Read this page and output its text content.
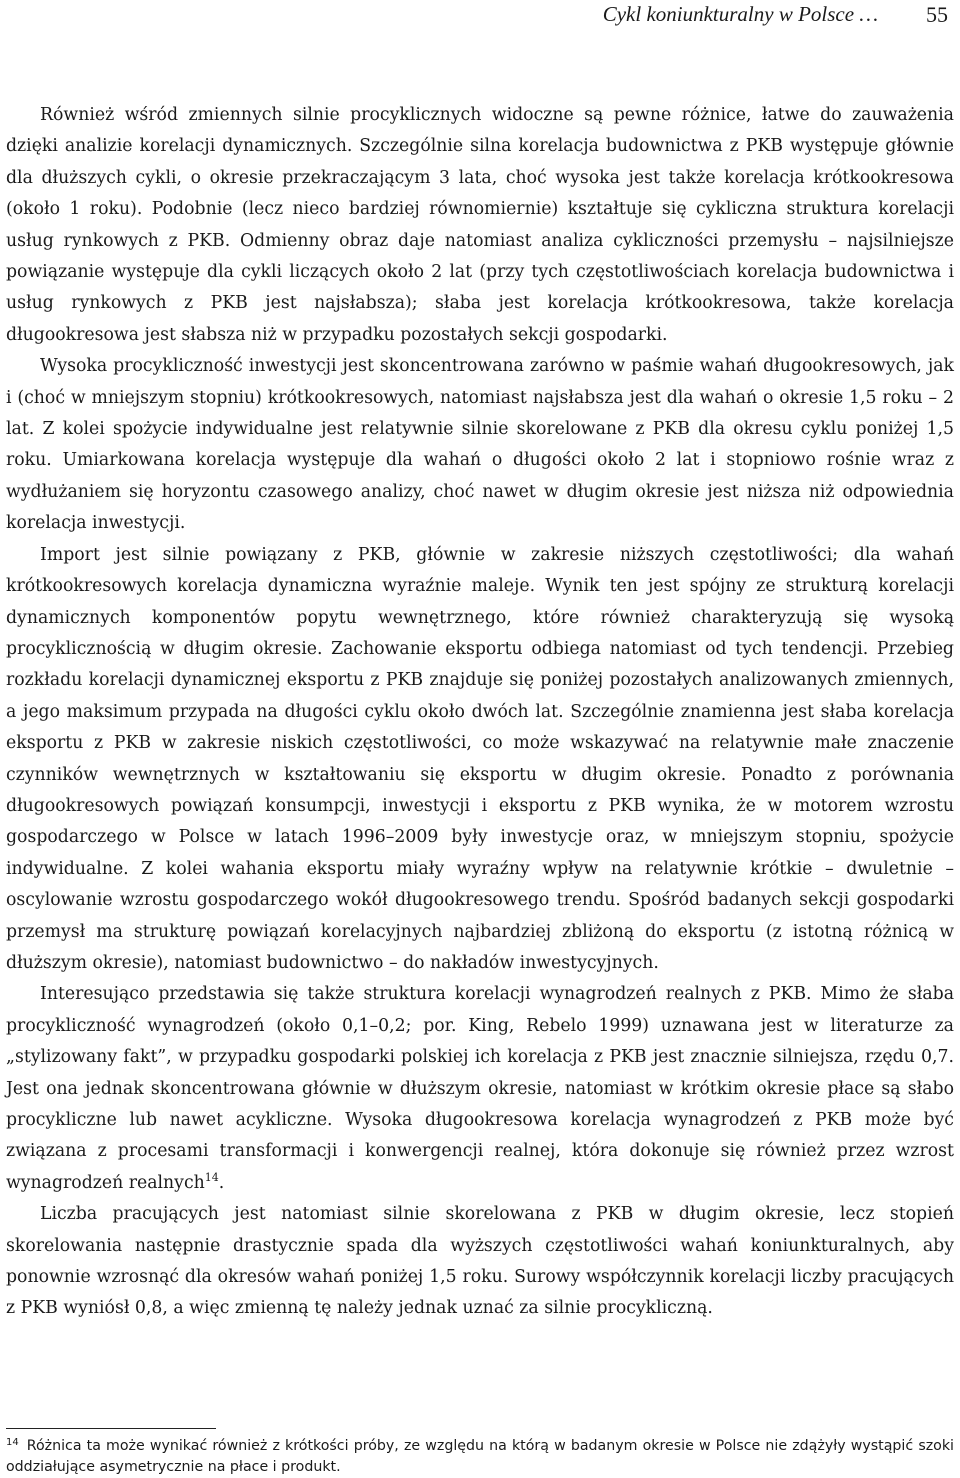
Cykl koniunkturalny w Polsce … 55

Również wśród zmiennych silnie procyklicznych widoczne są pewne różnice, łatwe do zauważenia dzięki analizie korelacji dynamicznych. Szczególnie silna korelacja budownictwa z PKB występuje głównie dla dłuższych cykli, o okresie przekraczającym 3 lata, choć wysoka jest także korelacja krótkookresowa (około 1 roku). Podobnie (lecz nieco bardziej równomiernie) kształtuje się cykliczna struktura korelacji usług rynkowych z PKB. Odmienny obraz daje natomiast analiza cykliczności przemysłu – najsilniejsze powiązanie występuje dla cykli liczących około 2 lat (przy tych częstotliwościach korelacja budownictwa i usług rynkowych z PKB jest najsłabsza); słaba jest korelacja krótkookresowa, także korelacja długookresowa jest słabsza niż w przypadku pozostałych sekcji gospodarki.

Wysoka procykliczność inwestycji jest skoncentrowana zarówno w paśmie wahań długookresowych, jak i (choć w mniejszym stopniu) krótkookresowych, natomiast najsłabsza jest dla wahań o okresie 1,5 roku – 2 lat. Z kolei spożycie indywidualne jest relatywnie silnie skorelowane z PKB dla okresu cyklu poniżej 1,5 roku. Umiarkowana korelacja występuje dla wahań o długości około 2 lat i stopniowo rośnie wraz z wydłużaniem się horyzontu czasowego analizy, choć nawet w długim okresie jest niższa niż odpowiednia korelacja inwestycji.

Import jest silnie powiązany z PKB, głównie w zakresie niższych częstotliwości; dla wahań krótkookresowych korelacja dynamiczna wyraźnie maleje. Wynik ten jest spójny ze strukturą korelacji dynamicznych komponentów popytu wewnętrznego, które również charakteryzują się wysoką procyklicznością w długim okresie. Zachowanie eksportu odbiega natomiast od tych tendencji. Przebieg rozkładu korelacji dynamicznej eksportu z PKB znajduje się poniżej pozostałych analizowanych zmiennych, a jego maksimum przypada na długości cyklu około dwóch lat. Szczególnie znamienna jest słaba korelacja eksportu z PKB w zakresie niskich częstotliwości, co może wskazywać na relatywnie małe znaczenie czynników wewnętrznych w kształtowaniu się eksportu w długim okresie. Ponadto z porównania długookresowych powiązań konsumpcji, inwestycji i eksportu z PKB wynika, że w motorem wzrostu gospodarczego w Polsce w latach 1996–2009 były inwestycje oraz, w mniejszym stopniu, spożycie indywidualne. Z kolei wahania eksportu miały wyraźny wpływ na relatywnie krótkie – dwuletnie – oscylowanie wzrostu gospodarczego wokół długookresowego trendu. Spośród badanych sekcji gospodarki przemysł ma strukturę powiązań korelacyjnych najbardziej zbliżoną do eksportu (z istotną różnicą w dłuższym okresie), natomiast budownictwo – do nakładów inwestycyjnych.

Interesująco przedstawia się także struktura korelacji wynagrodzeń realnych z PKB. Mimo że słaba procykliczność wynagrodzeń (około 0,1–0,2; por. King, Rebelo 1999) uznawana jest w literaturze za „stylizowany fakt”, w przypadku gospodarki polskiej ich korelacja z PKB jest znacznie silniejsza, rzędu 0,7. Jest ona jednak skoncentrowana głównie w dłuższym okresie, natomiast w krótkim okresie płace są słabo procykliczne lub nawet acykliczne. Wysoka długookresowa korelacja wynagrodzeń z PKB może być związana z procesami transformacji i konwergencji realnej, która dokonuje się również przez wzrost wynagrodzeń realnych$^{14}$.

Liczba pracujących jest natomiast silnie skorelowana z PKB w długim okresie, lecz stopień skorelowania następnie drastycznie spada dla wyższych częstotliwości wahań koniunkturalnych, aby ponownie wzrosnąć dla okresów wahań poniżej 1,5 roku. Surowy współczynnik korelacji liczby pracujących z PKB wyniósł 0,8, a więc zmienną tę należy jednak uznać za silnie procykliczną.

$^{14}$ Różnica ta może wynikać również z krótkości próby, ze względu na którą w badanym okresie w Polsce nie zdążyły wystąpić szoki oddziałujące asymetrycznie na płace i produkt.
